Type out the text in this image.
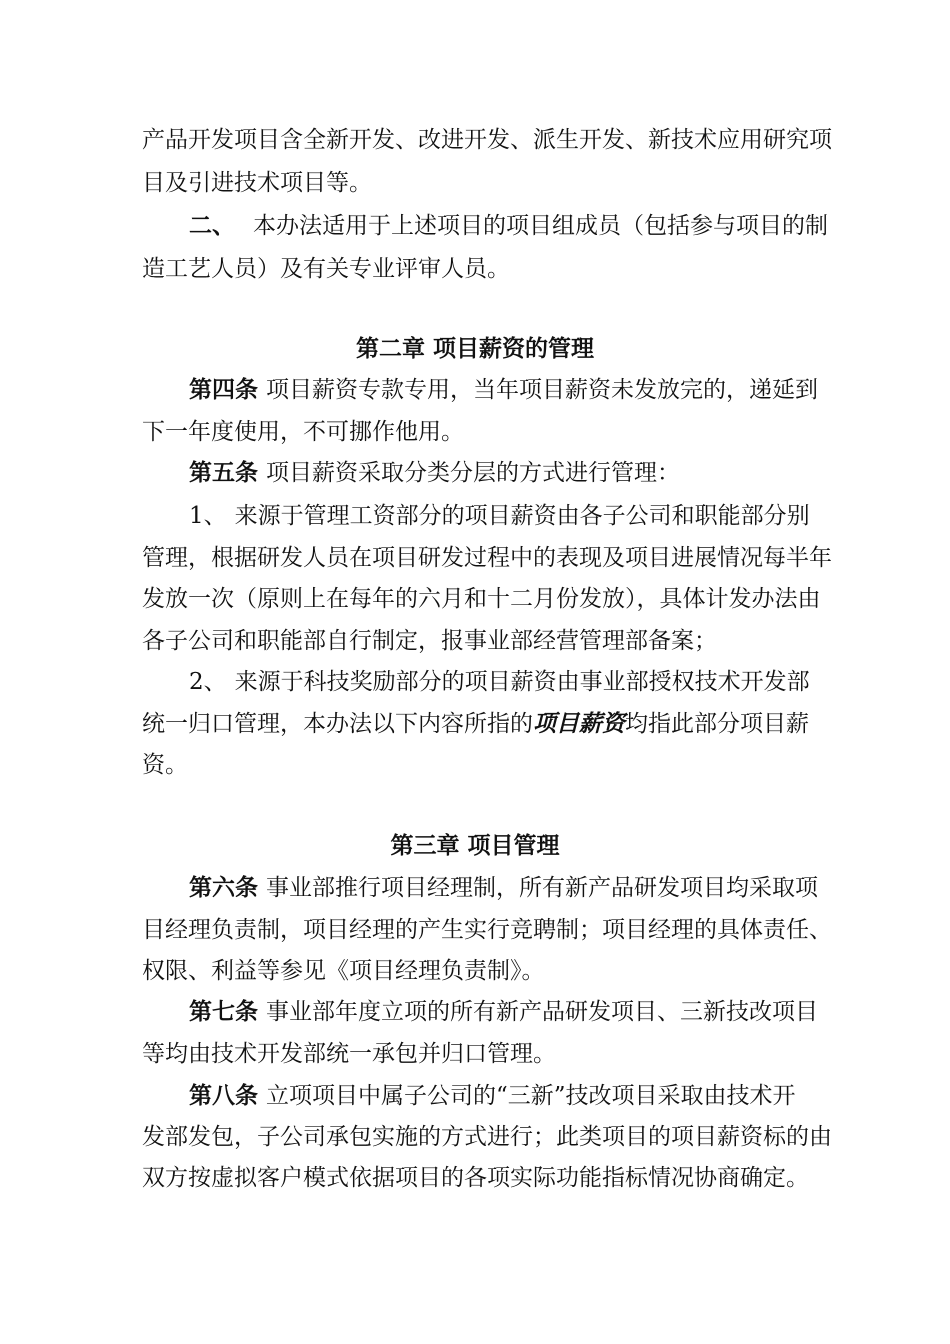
产品开发项目含全新开发、改进开发、派生开发、新技术应用研究项
目及引进技术项目等。
二、 本办法适用于上述项目的项目组成员（包括参与项目的制
造工艺人员）及有关专业评审人员。
第二章 项目薪资的管理
第四条 项目薪资专款专用，当年项目薪资未发放完的，递延到
下一年度使用，不可挪作他用。
第五条 项目薪资采取分类分层的方式进行管理：
1、 来源于管理工资部分的项目薪资由各子公司和职能部分别
管理，根据研发人员在项目研发过程中的表现及项目进展情况每半年
发放一次（原则上在每年的六月和十二月份发放），具体计发办法由
各子公司和职能部自行制定，报事业部经营管理部备案；
2、 来源于科技奖励部分的项目薪资由事业部授权技术开发部
统一归口管理，本办法以下内容所指的项目薪资均指此部分项目薪
资。
第三章 项目管理
第六条 事业部推行项目经理制，所有新产品研发项目均采取项
目经理负责制，项目经理的产生实行竞聘制；项目经理的具体责任、
权限、利益等参见《项目经理负责制》。
第七条 事业部年度立项的所有新产品研发项目、三新技改项目
等均由技术开发部统一承包并归口管理。
第八条 立项项目中属子公司的“三新”技改项目采取由技术开
发部发包，子公司承包实施的方式进行；此类项目的项目薪资标的由
双方按虚拟客户模式依据项目的各项实际功能指标情况协商确定。
